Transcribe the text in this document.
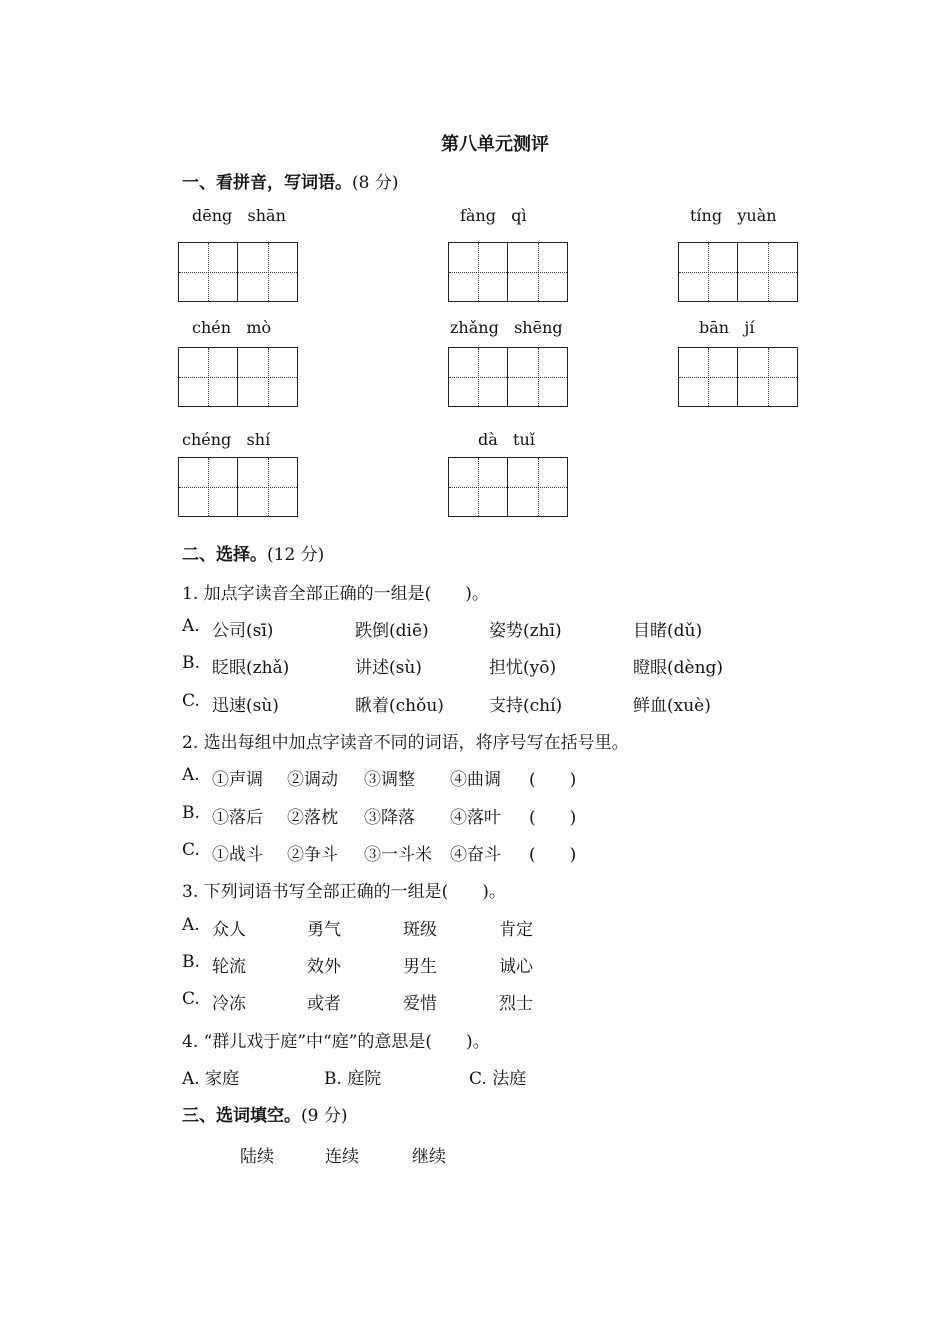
第八单元测评
一、看拼音，写词语。(8 分)
dēng shān	fàng qì	tíng yuàn
chén mò	zhǎng shēng	bān jí
chéng shí	dà tuǐ
二、选择。(12 分)
1. 加点字读音全部正确的一组是(　　)。
A. 公司(sī)	跌倒(diē)	姿势(zhī)	目睹(dǔ)
B. 眨眼(zhǎ)	讲述(sù)	担忧(yō)	瞪眼(dèng)
C. 迅速(sù)	瞅着(chǒu)	支持(chí)	鲜血(xuè)
2. 选出每组中加点字读音不同的词语，将序号写在括号里。
A. ①声调 ②调动 ③调整 ④曲调 (　　)
B. ①落后 ②落枕 ③降落 ④落叶 (　　)
C. ①战斗 ②争斗 ③一斗米 ④奋斗 (　　)
3. 下列词语书写全部正确的一组是(　　)。
A. 众人	勇气	斑级	肯定
B. 轮流	效外	男生	诚心
C. 冷冻	或者	爱惜	烈士
4. “群儿戏于庭”中“庭”的意思是(　　)。
A. 家庭	B. 庭院	C. 法庭
三、选词填空。(9 分)
陆续	连续	继续
